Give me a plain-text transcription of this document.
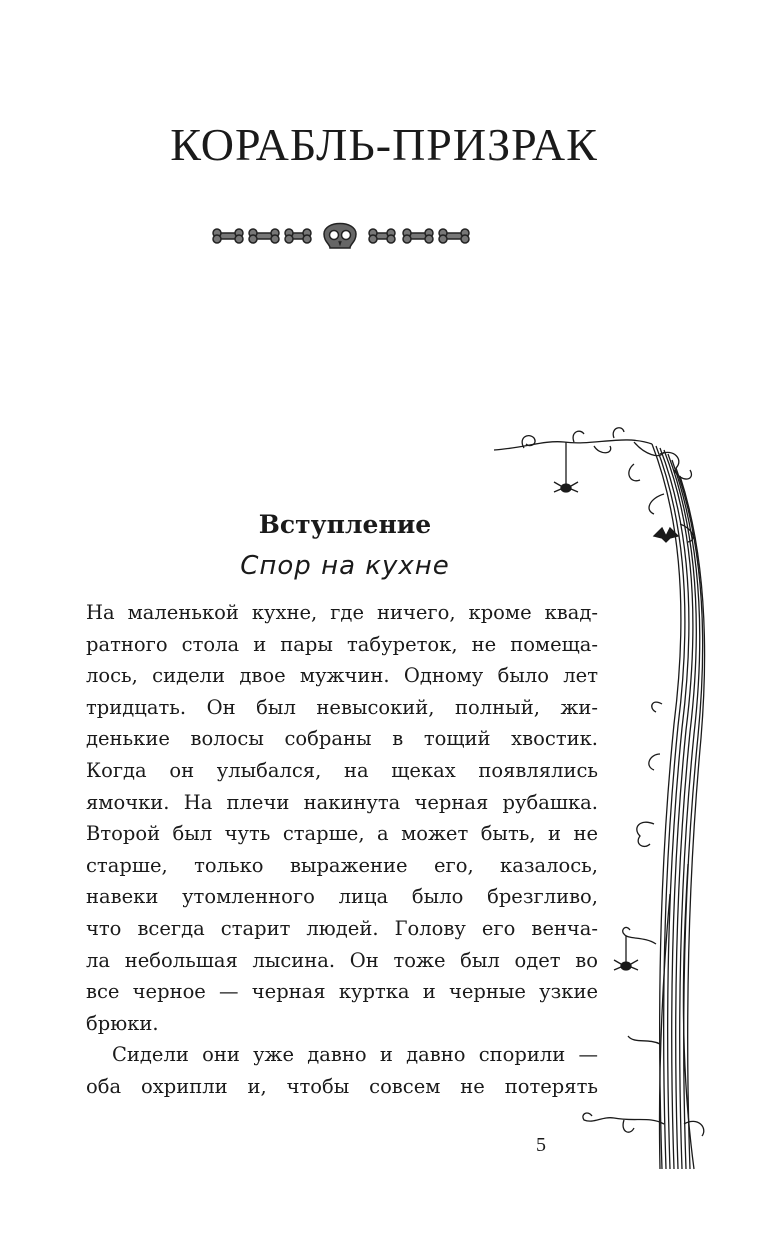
КОРАБЛЬ-ПРИЗРАК
Вступление
Спор на кухне

На маленькой кухне, где ничего, кроме квад-

ратного стола и пары табуреток, не помеща-

лось, сидели двое мужчин. Одному было лет

тридцать. Он был невысокий, полный, жи-

денькие волосы собраны в тощий хвостик.

Когда он улыбался, на щеках появлялись

ямочки. На плечи накинута черная рубашка.

Второй был чуть старше, а может быть, и не

старше, только выражение его, казалось,

навеки утомленного лица было брезгливо,

что всегда старит людей. Голову его венча-

ла небольшая лысина. Он тоже был одет во

все черное — черная куртка и черные узкие

брюки.

Сидели они уже давно и давно спорили —

оба охрипли и, чтобы совсем не потерять

5
